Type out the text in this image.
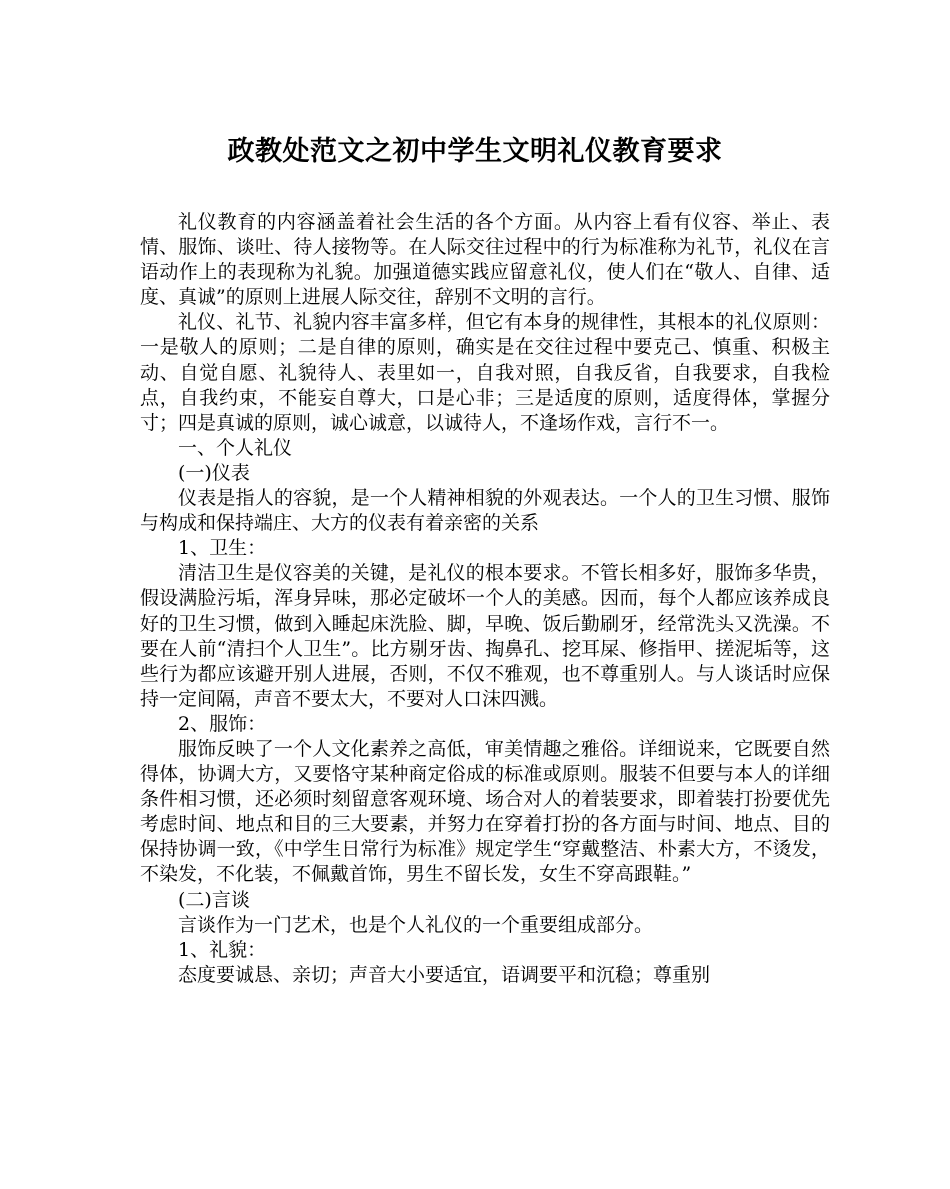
政教处范文之初中学生文明礼仪教育要求

礼仪教育的内容涵盖着社会生活的各个方面。从内容上看有仪容、举止、表情、服饰、谈吐、待人接物等。在人际交往过程中的行为标准称为礼节，礼仪在言语动作上的表现称为礼貌。加强道德实践应留意礼仪，使人们在“敬人、自律、适度、真诚”的原则上进展人际交往，辞别不文明的言行。

礼仪、礼节、礼貌内容丰富多样，但它有本身的规律性，其根本的礼仪原则：一是敬人的原则；二是自律的原则，确实是在交往过程中要克己、慎重、积极主动、自觉自愿、礼貌待人、表里如一，自我对照，自我反省，自我要求，自我检点，自我约束，不能妄自尊大，口是心非；三是适度的原则，适度得体，掌握分寸；四是真诚的原则，诚心诚意，以诚待人，不逢场作戏，言行不一。

一、个人礼仪

(一)仪表

仪表是指人的容貌，是一个人精神相貌的外观表达。一个人的卫生习惯、服饰与构成和保持端庄、大方的仪表有着亲密的关系

1、卫生：

清洁卫生是仪容美的关键，是礼仪的根本要求。不管长相多好，服饰多华贵，假设满脸污垢，浑身异味，那必定破坏一个人的美感。因而，每个人都应该养成良好的卫生习惯，做到入睡起床洗脸、脚，早晚、饭后勤刷牙，经常洗头又洗澡。不要在人前“清扫个人卫生”。比方剔牙齿、掏鼻孔、挖耳屎、修指甲、搓泥垢等，这些行为都应该避开别人进展，否则，不仅不雅观，也不尊重别人。与人谈话时应保持一定间隔，声音不要太大，不要对人口沫四溅。

2、服饰：

服饰反映了一个人文化素养之高低，审美情趣之雅俗。详细说来，它既要自然得体，协调大方，又要恪守某种商定俗成的标准或原则。服装不但要与本人的详细条件相习惯，还必须时刻留意客观环境、场合对人的着装要求，即着装打扮要优先考虑时间、地点和目的三大要素，并努力在穿着打扮的各方面与时间、地点、目的保持协调一致，《中学生日常行为标准》规定学生“穿戴整洁、朴素大方，不烫发，不染发，不化装，不佩戴首饰，男生不留长发，女生不穿高跟鞋。”

(二)言谈

言谈作为一门艺术，也是个人礼仪的一个重要组成部分。

1、礼貌：

态度要诚恳、亲切；声音大小要适宜，语调要平和沉稳；尊重别
